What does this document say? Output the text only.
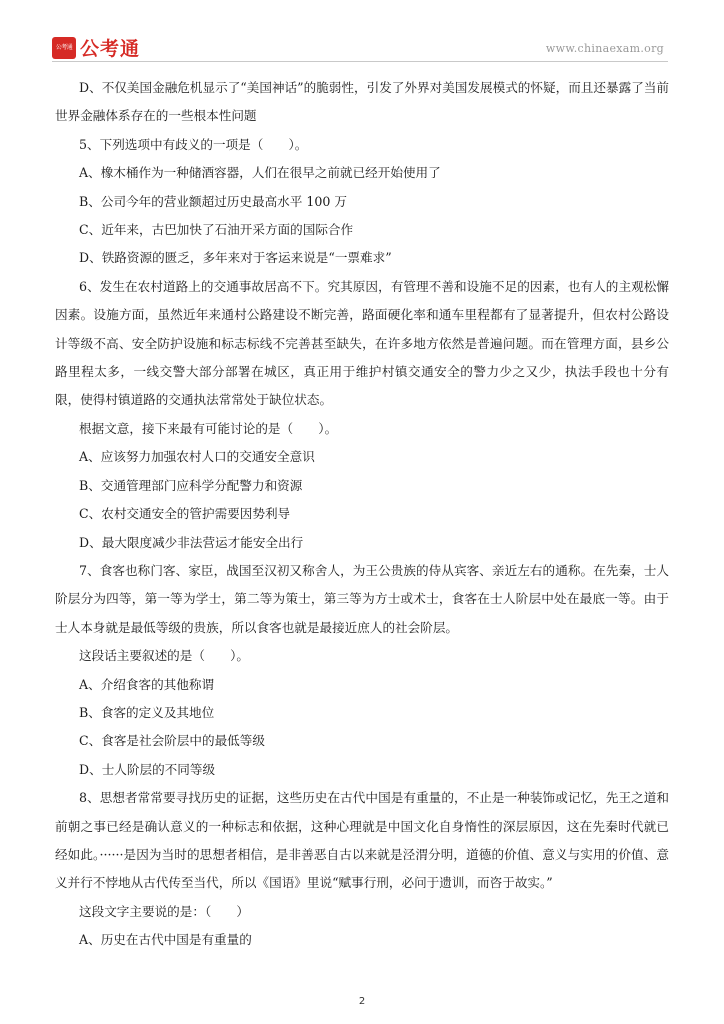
公考通 公考通	www.chinaexam.org

D、不仅美国金融危机显示了“美国神话”的脆弱性，引发了外界对美国发展模式的怀疑，而且还暴露了当前世界金融体系存在的一些根本性问题

5、下列选项中有歧义的一项是（　　）。

A、橡木桶作为一种储酒容器，人们在很早之前就已经开始使用了

B、公司今年的营业额超过历史最高水平 100 万

C、近年来，古巴加快了石油开采方面的国际合作

D、铁路资源的匮乏，多年来对于客运来说是“一票难求”

6、发生在农村道路上的交通事故居高不下。究其原因，有管理不善和设施不足的因素，也有人的主观松懈因素。设施方面，虽然近年来通村公路建设不断完善，路面硬化率和通车里程都有了显著提升，但农村公路设计等级不高、安全防护设施和标志标线不完善甚至缺失，在许多地方依然是普遍问题。而在管理方面，县乡公路里程太多，一线交警大部分部署在城区，真正用于维护村镇交通安全的警力少之又少，执法手段也十分有限，使得村镇道路的交通执法常常处于缺位状态。

根据文意，接下来最有可能讨论的是（　　）。

A、应该努力加强农村人口的交通安全意识

B、交通管理部门应科学分配警力和资源

C、农村交通安全的管护需要因势利导

D、最大限度减少非法营运才能安全出行

7、食客也称门客、家臣，战国至汉初又称舍人，为王公贵族的侍从宾客、亲近左右的通称。在先秦，士人阶层分为四等，第一等为学士，第二等为策士，第三等为方士或术士，食客在士人阶层中处在最底一等。由于士人本身就是最低等级的贵族，所以食客也就是最接近庶人的社会阶层。

这段话主要叙述的是（　　）。

A、介绍食客的其他称谓

B、食客的定义及其地位

C、食客是社会阶层中的最低等级

D、士人阶层的不同等级

8、思想者常常要寻找历史的证据，这些历史在古代中国是有重量的，不止是一种装饰或记忆，先王之道和前朝之事已经是确认意义的一种标志和依据，这种心理就是中国文化自身惰性的深层原因，这在先秦时代就已经如此。······是因为当时的思想者相信，是非善恶自古以来就是泾渭分明，道德的价值、意义与实用的价值、意义并行不悖地从古代传至当代，所以《国语》里说“赋事行刑，必问于遗训，而咨于故实。”

这段文字主要说的是：（　　）

A、历史在古代中国是有重量的

2
